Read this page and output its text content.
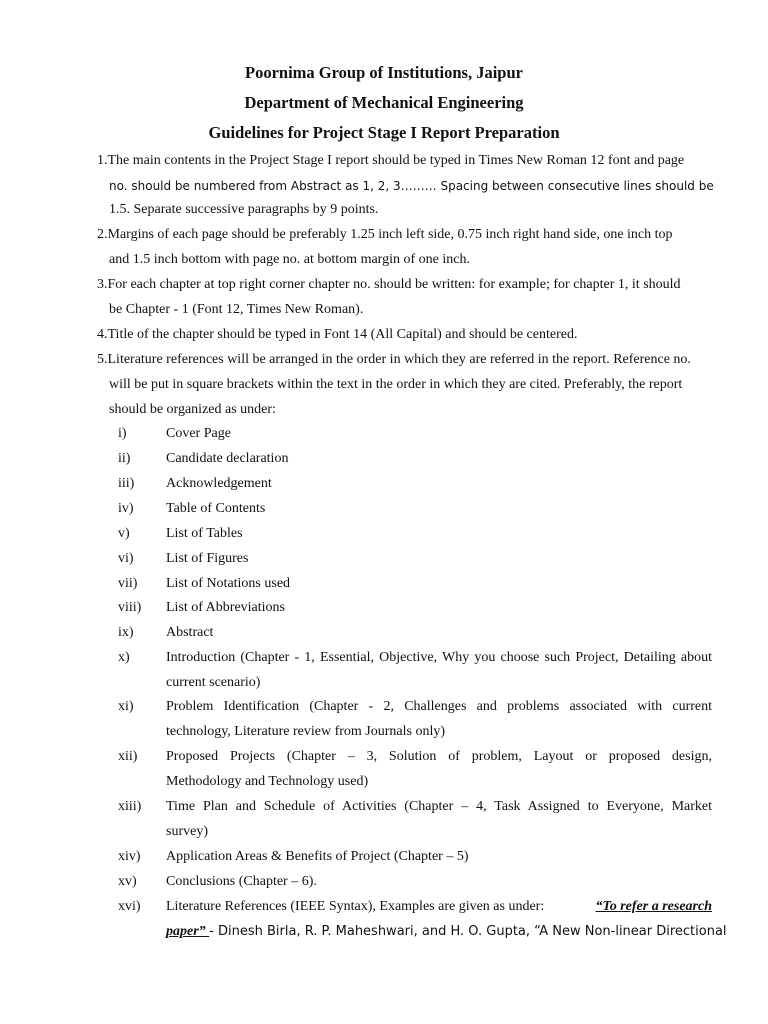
Poornima Group of Institutions, Jaipur
Department of Mechanical Engineering
Guidelines for Project Stage I Report Preparation
1.The main contents in the Project Stage I report should be typed in Times New Roman 12 font and page
no. should be numbered from Abstract as 1, 2, 3……… Spacing between consecutive lines should be
1.5. Separate successive paragraphs by 9 points.
2.Margins of each page should be preferably 1.25 inch left side, 0.75 inch right hand side, one inch top
and 1.5 inch bottom with page no. at bottom margin of one inch.
3.For each chapter at top right corner chapter no. should be written: for example; for chapter 1, it should
be Chapter - 1 (Font 12, Times New Roman).
4.Title of the chapter should be typed in Font 14 (All Capital) and should be centered.
5.Literature references will be arranged in the order in which they are referred in the report. Reference no.
will be put in square brackets within the text in the order in which they are cited. Preferably, the report
should be organized as under:
i)	Cover Page
ii)	Candidate declaration
iii) Acknowledgement
iv) Table of Contents
v)	List of Tables
vi) List of Figures
vii) List of Notations used
viii) List of Abbreviations
ix) Abstract
x)	Introduction (Chapter - 1, Essential, Objective, Why you choose such Project, Detailing about
current scenario)
xi) Problem Identification (Chapter - 2, Challenges and problems associated with current
technology, Literature review from Journals only)
xii) Proposed Projects (Chapter – 3, Solution of problem, Layout or proposed design,
Methodology and Technology used)
xiii) Time Plan and Schedule of Activities (Chapter – 4, Task Assigned to Everyone, Market
survey)
xiv) Application Areas & Benefits of Project (Chapter – 5)
xv) Conclusions (Chapter – 6).
xvi) Literature References (IEEE Syntax), Examples are given as under:	“To refer a research
paper” - Dinesh Birla, R. P. Maheshwari, and H. O. Gupta, “A New Non-linear Directional
